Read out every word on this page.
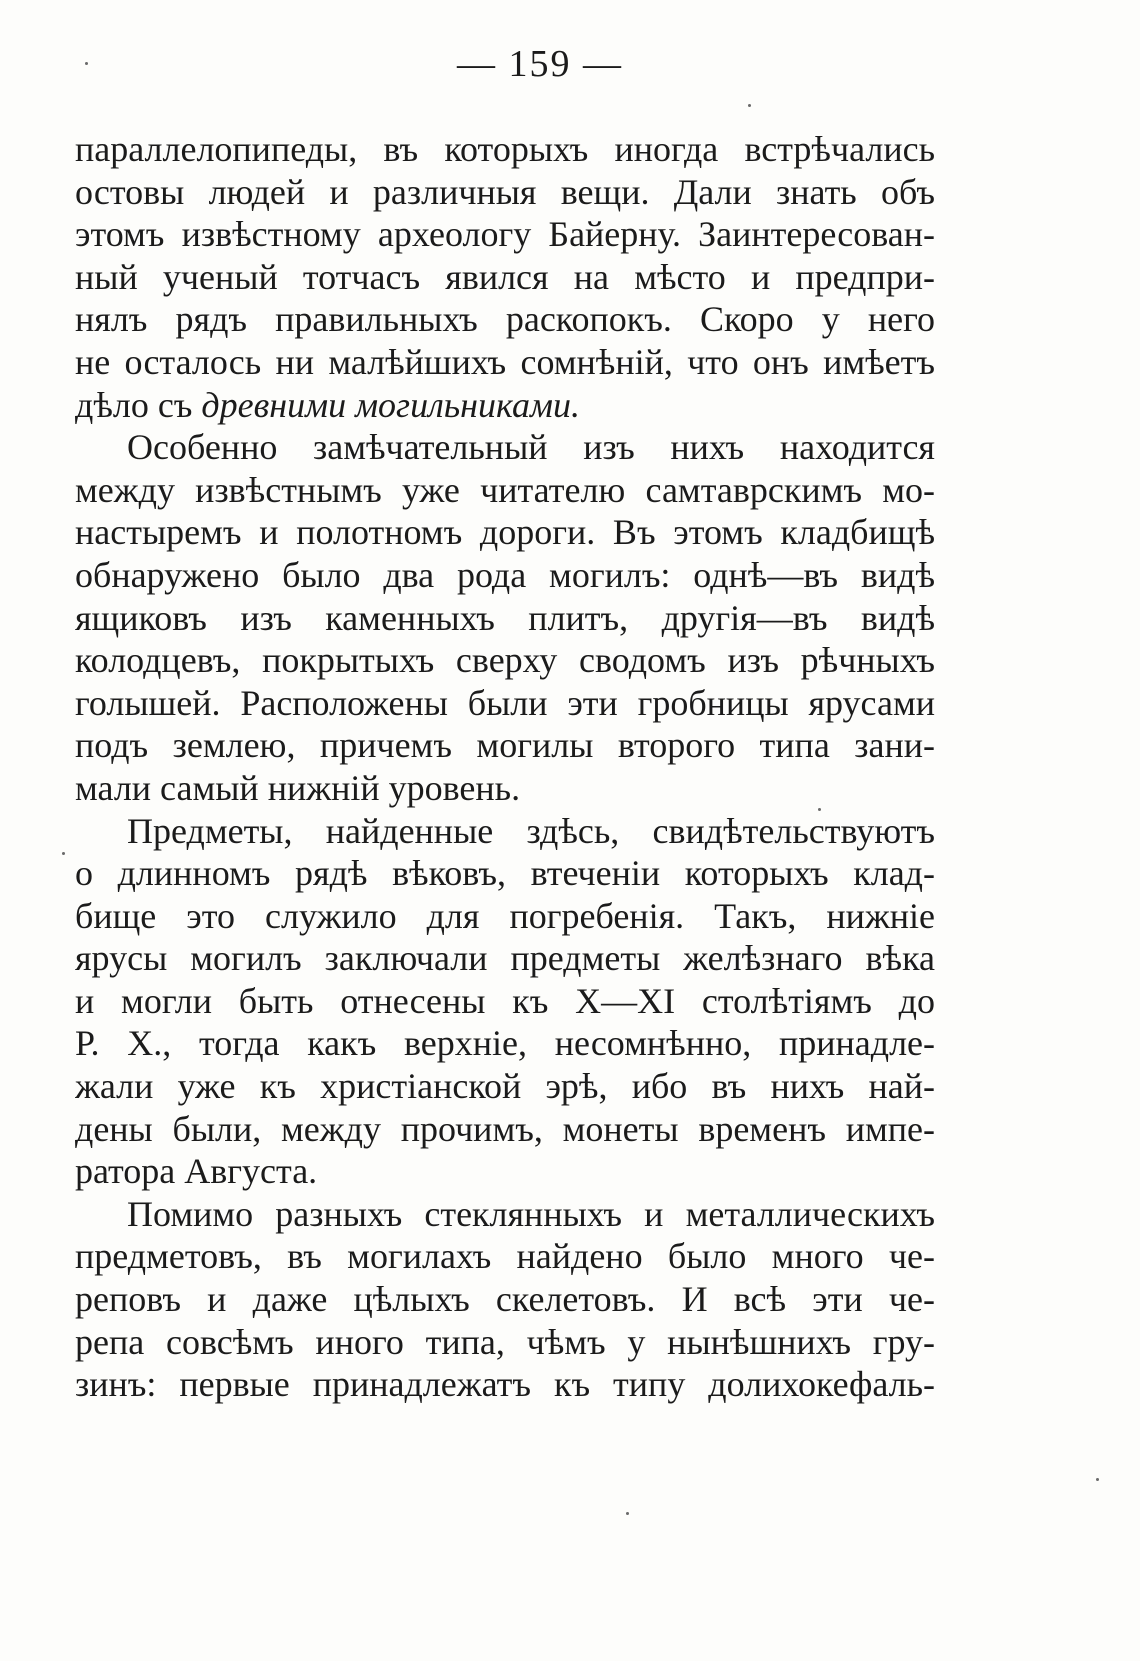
— 159 —
параллелопипеды, въ которыхъ иногда встрѣчались
остовы людей и различныя вещи. Дали знать объ
этомъ извѣстному археологу Байерну. Заинтересован-
ный ученый тотчасъ явился на мѣсто и предпри-
нялъ рядъ правильныхъ раскопокъ. Скоро у него
не осталось ни малѣйшихъ сомнѣній, что онъ имѣетъ
дѣло съ древними могильниками.
Особенно замѣчательный изъ нихъ находится
между извѣстнымъ уже читателю самтаврскимъ мо-
настыремъ и полотномъ дороги. Въ этомъ кладбищѣ
обнаружено было два рода могилъ: однѣ—въ видѣ
ящиковъ изъ каменныхъ плитъ, другія—въ видѣ
колодцевъ, покрытыхъ сверху сводомъ изъ рѣчныхъ
голышей. Расположены были эти гробницы ярусами
подъ землею, причемъ могилы второго типа зани-
мали самый нижній уровень.
Предметы, найденные здѣсь, свидѣтельствуютъ
о длинномъ рядѣ вѣковъ, втеченіи которыхъ клад-
бище это служило для погребенія. Такъ, нижніе
ярусы могилъ заключали предметы желѣзнаго вѣка
и могли быть отнесены къ X—XI столѣтіямъ до
Р. Х., тогда какъ верхніе, несомнѣнно, принадле-
жали уже къ христіанской эрѣ, ибо въ нихъ най-
дены были, между прочимъ, монеты временъ импе-
ратора Августа.
Помимо разныхъ стеклянныхъ и металлическихъ
предметовъ, въ могилахъ найдено было много че-
реповъ и даже цѣлыхъ скелетовъ. И всѣ эти че-
репа совсѣмъ иного типа, чѣмъ у нынѣшнихъ гру-
зинъ: первые принадлежатъ къ типу долихокефаль-
